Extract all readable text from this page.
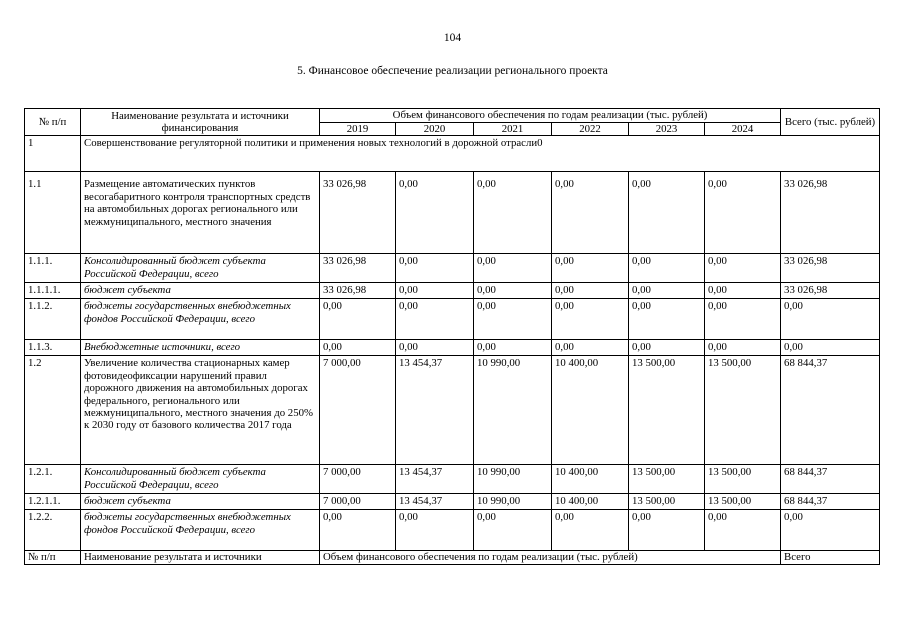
104
5. Финансовое обеспечение реализации регионального проекта
№ п/п	Наименование результата и источники финансирования	Объем финансового обеспечения по годам реализации (тыс. рублей)						Всего (тыс. рублей)
		2019	2020	2021	2022	2023	2024	
1	Совершенствование регуляторной политики и применения новых технологий в дорожной отрасли0							
1.1	Размещение автоматических пунктов весогабаритного контроля транспортных средств на автомобильных дорогах регионального или межмуниципального, местного значения	33 026,98	0,00	0,00	0,00	0,00	0,00	33 026,98
1.1.1.	Консолидированный бюджет субъекта Российской Федерации, всего	33 026,98	0,00	0,00	0,00	0,00	0,00	33 026,98
1.1.1.1.	бюджет субъекта	33 026,98	0,00	0,00	0,00	0,00	0,00	33 026,98
1.1.2.	бюджеты государственных внебюджетных фондов Российской Федерации, всего	0,00	0,00	0,00	0,00	0,00	0,00	0,00
1.1.3.	Внебюджетные источники, всего	0,00	0,00	0,00	0,00	0,00	0,00	0,00
1.2	Увеличение количества стационарных камер фотовидеофиксации нарушений правил дорожного движения на автомобильных дорогах федерального, регионального или межмуниципального, местного значения до 250% к 2030 году от базового количества 2017 года	7 000,00	13 454,37	10 990,00	10 400,00	13 500,00	13 500,00	68 844,37
1.2.1.	Консолидированный бюджет субъекта Российской Федерации, всего	7 000,00	13 454,37	10 990,00	10 400,00	13 500,00	13 500,00	68 844,37
1.2.1.1.	бюджет субъекта	7 000,00	13 454,37	10 990,00	10 400,00	13 500,00	13 500,00	68 844,37
1.2.2.	бюджеты государственных внебюджетных фондов Российской Федерации, всего	0,00	0,00	0,00	0,00	0,00	0,00	0,00
№ п/п	Наименование результата и источники	Объем финансового обеспечения по годам реализации (тыс. рублей)						Всего
